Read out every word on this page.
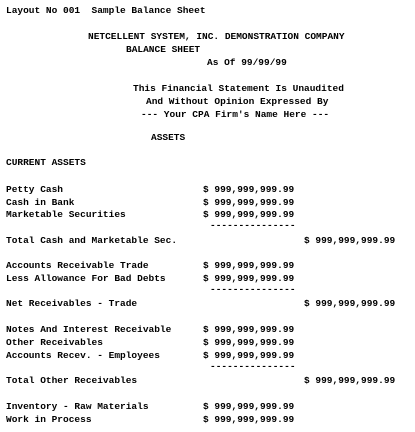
Layout No 001  Sample Balance Sheet
NETCELLENT SYSTEM, INC. DEMONSTRATION COMPANY
BALANCE SHEET
As Of 99/99/99
This Financial Statement Is Unaudited
And Without Opinion Expressed By
--- Your CPA Firm's Name Here ---
ASSETS
CURRENT ASSETS
Petty Cash	$ 999,999,999.99
Cash in Bank	$ 999,999,999.99
Marketable Securities	$ 999,999,999.99
---------------
Total Cash and Marketable Sec.	$ 999,999,999.99
Accounts Receivable Trade	$ 999,999,999.99
Less Allowance For Bad Debts	$ 999,999,999.99
---------------
Net Receivables - Trade	$ 999,999,999.99
Notes And Interest Receivable	$ 999,999,999.99
Other Receivables	$ 999,999,999.99
Accounts Recev. - Employees	$ 999,999,999.99
---------------
Total Other Receivables	$ 999,999,999.99
Inventory - Raw Materials	$ 999,999,999.99
Work in Process	$ 999,999,999.99
